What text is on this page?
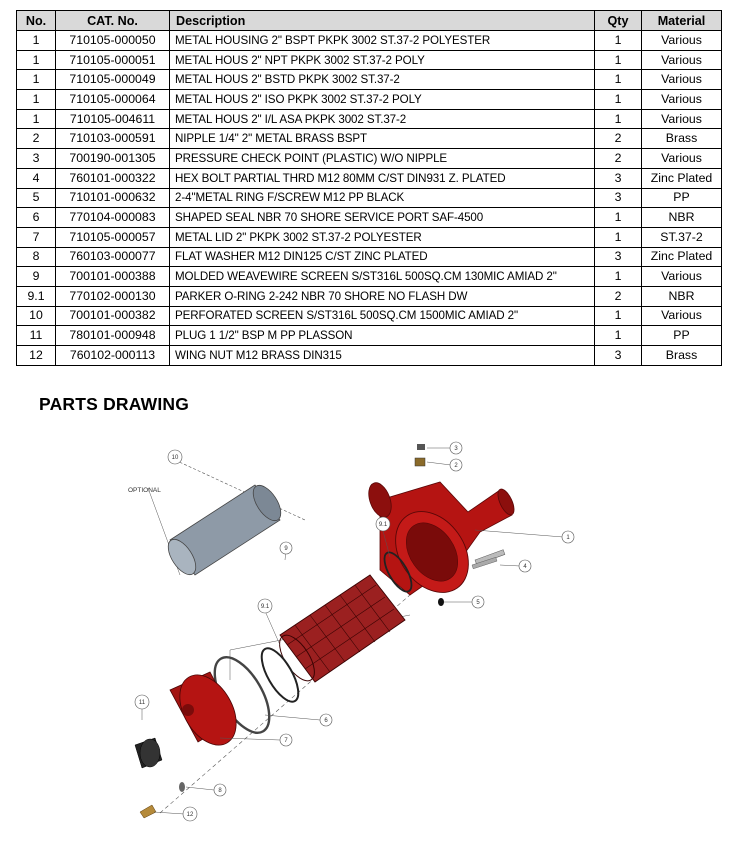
No.	CAT. No.	Description	Qty	Material
1	710105-000050	METAL HOUSING 2" BSPT PKPK 3002 ST.37-2 POLYESTER	1	Various
1	710105-000051	METAL HOUS 2" NPT PKPK 3002 ST.37-2 POLY	1	Various
1	710105-000049	METAL HOUS 2" BSTD PKPK 3002 ST.37-2	1	Various
1	710105-000064	METAL HOUS 2" ISO PKPK 3002 ST.37-2 POLY	1	Various
1	710105-004611	METAL HOUS 2" I/L ASA PKPK 3002 ST.37-2	1	Various
2	710103-000591	NIPPLE 1/4" 2" METAL BRASS BSPT	2	Brass
3	700190-001305	PRESSURE CHECK POINT (PLASTIC) W/O NIPPLE	2	Various
4	760101-000322	HEX BOLT PARTIAL THRD M12 80MM C/ST DIN931 Z. PLATED	3	Zinc Plated
5	710101-000632	2-4"METAL RING F/SCREW M12 PP BLACK	3	PP
6	770104-000083	SHAPED SEAL NBR 70 SHORE SERVICE PORT SAF-4500	1	NBR
7	710105-000057	METAL LID 2" PKPK 3002 ST.37-2 POLYESTER	1	ST.37-2
8	760103-000077	FLAT WASHER M12 DIN125 C/ST ZINC PLATED	3	Zinc Plated
9	700101-000388	MOLDED WEAVEWIRE SCREEN S/ST316L 500SQ.CM 130MIC AMIAD 2"	1	Various
9.1	770102-000130	PARKER O-RING 2-242 NBR 70 SHORE NO FLASH DW	2	NBR
10	700101-000382	PERFORATED SCREEN S/ST316L 500SQ.CM 1500MIC AMIAD 2"	1	Various
11	780101-000948	PLUG 1 1/2" BSP M PP PLASSON	1	PP
12	760102-000113	WING NUT M12 BRASS DIN315	3	Brass
PARTS DRAWING
OPTIONAL
10
3
2
1
9.1
9
4
5
9.1
6
11
7
8
12
